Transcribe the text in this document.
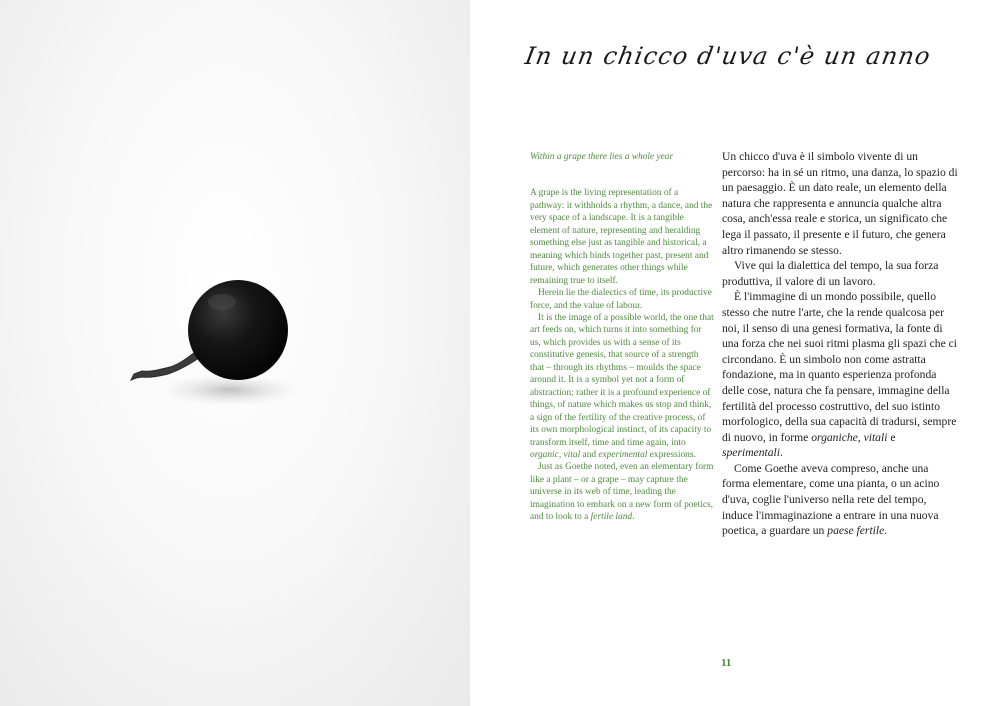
In un chicco d'uva c'è un anno

Within a grape there lies a whole year

A grape is the living representation of a pathway: it withholds a rhythm, a dance, and the very space of a landscape. It is a tangible element of nature, representing and heralding something else just as tangible and historical, a meaning which binds together past, present and future, which generates other things while remaining true to itself.

Herein lie the dialectics of time, its productive force, and the value of labour.

It is the image of a possible world, the one that art feeds on, which turns it into something for us, which provides us with a sense of its constitutive genesis, that source of a strength that – through its rhythms – moulds the space around it. It is a symbol yet not a form of abstraction; rather it is a profound experience of things, of nature which makes us stop and think, a sign of the fertility of the creative process, of its own morphological instinct, of its capacity to transform itself, time and time again, into organic, vital and experimental expressions.

Just as Goethe noted, even an elementary form like a plant – or a grape – may capture the universe in its web of time, leading the imagination to embark on a new form of poetics, and to look to a fertile land.

Un chicco d'uva è il simbolo vivente di un percorso: ha in sé un ritmo, una danza, lo spazio di un paesaggio. È un dato reale, un elemento della natura che rappresenta e annuncia qualche altra cosa, anch'essa reale e storica, un significato che lega il passato, il presente e il futuro, che genera altro rimanendo se stesso.

Vive qui la dialettica del tempo, la sua forza produttiva, il valore di un lavoro.

È l'immagine di un mondo possibile, quello stesso che nutre l'arte, che la rende qualcosa per noi, il senso di una genesi formativa, la fonte di una forza che nei suoi ritmi plasma gli spazi che ci circondano. È un simbolo non come astratta fondazione, ma in quanto esperienza profonda delle cose, natura che fa pensare, immagine della fertilità del processo costruttivo, del suo istinto morfologico, della sua capacità di tradursi, sempre di nuovo, in forme organiche, vitali e sperimentali.

Come Goethe aveva compreso, anche una forma elementare, come una pianta, o un acino d'uva, coglie l'universo nella rete del tempo, induce l'immaginazione a entrare in una nuova poetica, a guardare un paese fertile.

11
